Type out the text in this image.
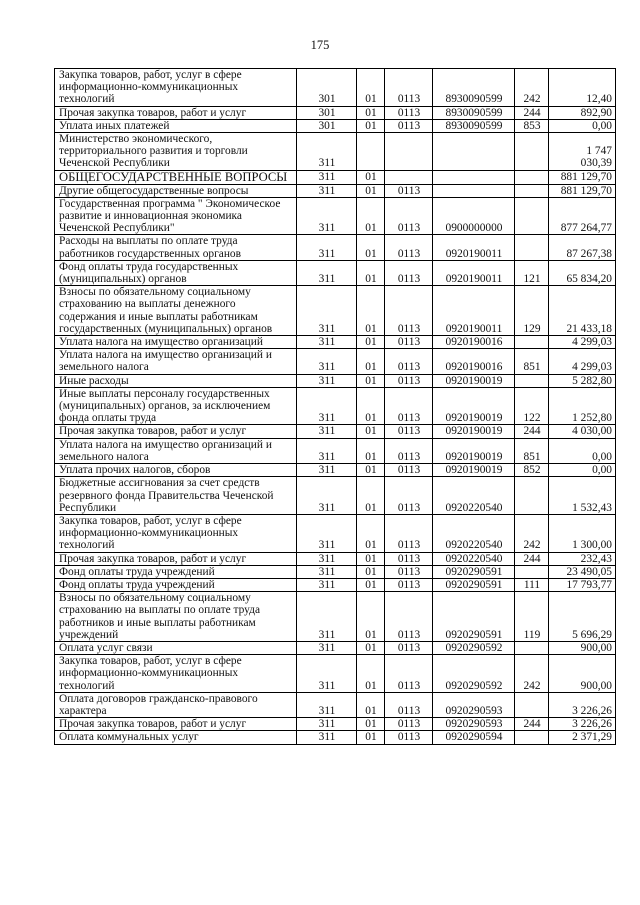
175
Закупка товаров, работ, услуг в сфере информационно-коммуникационных технологий	301	01	0113	8930090599	242	12,40
Прочая закупка товаров, работ и услуг	301	01	0113	8930090599	244	892,90
Уплата иных платежей	301	01	0113	8930090599	853	0,00
Министерство экономического, территориального развития и торговли Чеченской Республики	311					1 747 030,39
ОБЩЕГОСУДАРСТВЕННЫЕ ВОПРОСЫ	311	01				881 129,70
Другие общегосударственные вопросы	311	01	0113			881 129,70
Государственная программа " Экономическое развитие и инновационная экономика Чеченской Республики"	311	01	0113	0900000000		877 264,77
Расходы на выплаты по оплате труда работников государственных органов	311	01	0113	0920190011		87 267,38
Фонд оплаты труда государственных (муниципальных) органов	311	01	0113	0920190011	121	65 834,20
Взносы по обязательному социальному страхованию на выплаты денежного содержания и иные выплаты работникам государственных (муниципальных) органов	311	01	0113	0920190011	129	21 433,18
Уплата налога на имущество организаций	311	01	0113	0920190016		4 299,03
Уплата налога на имущество организаций и земельного налога	311	01	0113	0920190016	851	4 299,03
Иные расходы	311	01	0113	0920190019		5 282,80
Иные выплаты персоналу государственных (муниципальных) органов, за исключением фонда оплаты труда	311	01	0113	0920190019	122	1 252,80
Прочая закупка товаров, работ и услуг	311	01	0113	0920190019	244	4 030,00
Уплата налога на имущество организаций и земельного налога	311	01	0113	0920190019	851	0,00
Уплата прочих налогов, сборов	311	01	0113	0920190019	852	0,00
Бюджетные ассигнования за счет средств резервного фонда Правительства Чеченской Республики	311	01	0113	0920220540		1 532,43
Закупка товаров, работ, услуг в сфере информационно-коммуникационных технологий	311	01	0113	0920220540	242	1 300,00
Прочая закупка товаров, работ и услуг	311	01	0113	0920220540	244	232,43
Фонд оплаты труда учреждений	311	01	0113	0920290591		23 490,05
Фонд оплаты труда учреждений	311	01	0113	0920290591	111	17 793,77
Взносы по обязательному социальному страхованию на выплаты по оплате труда работников и иные выплаты работникам учреждений	311	01	0113	0920290591	119	5 696,29
Оплата услуг связи	311	01	0113	0920290592		900,00
Закупка товаров, работ, услуг в сфере информационно-коммуникационных технологий	311	01	0113	0920290592	242	900,00
Оплата договоров гражданско-правового характера	311	01	0113	0920290593		3 226,26
Прочая закупка товаров, работ и услуг	311	01	0113	0920290593	244	3 226,26
Оплата коммунальных услуг	311	01	0113	0920290594		2 371,29
